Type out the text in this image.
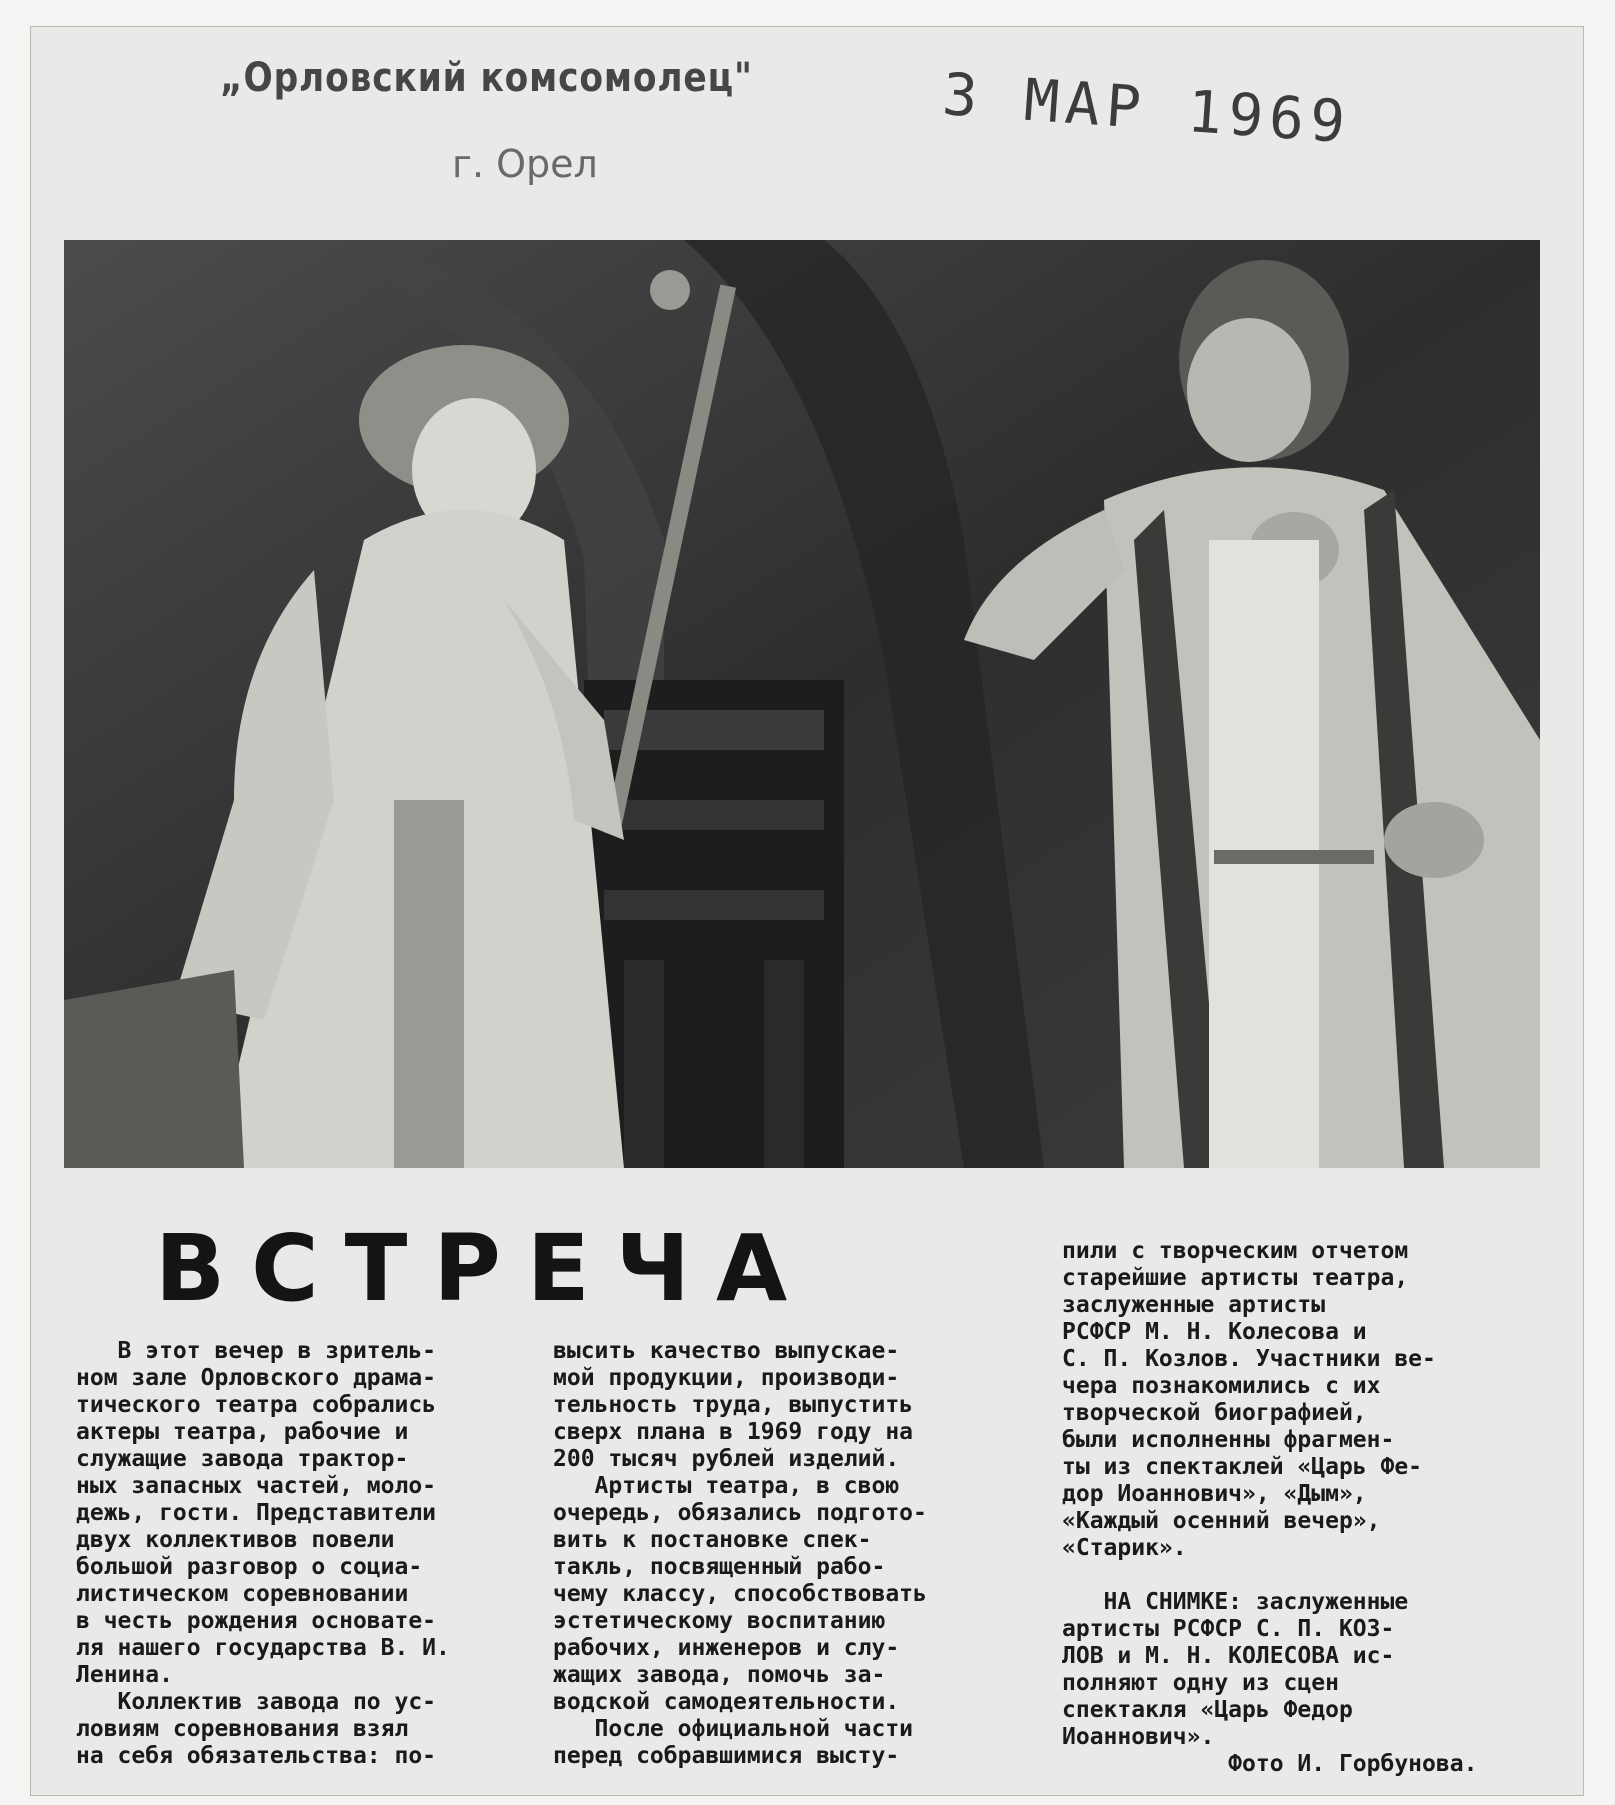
„Орловский комсомолец"
г. Орел
3 МАР 1969
ВСТРЕЧА
В этот вечер в зритель-
ном зале Орловского драма-
тического театра собрались
актеры театра, рабочие и
служащие завода трактор-
ных запасных частей, моло-
дежь, гости. Представители
двух коллективов повели
большой разговор о социа-
листическом соревновании
в честь рождения основате-
ля нашего государства В. И.
Ленина.
Коллектив завода по ус-
ловиям соревнования взял
на себя обязательства: по-
высить качество выпускае-
мой продукции, производи-
тельность труда, выпустить
сверх плана в 1969 году на
200 тысяч рублей изделий.
Артисты театра, в свою
очередь, обязались подгото-
вить к постановке спек-
такль, посвященный рабо-
чему классу, способствовать
эстетическому воспитанию
рабочих, инженеров и слу-
жащих завода, помочь за-
водской самодеятельности.
После официальной части
перед собравшимися высту-
пили с творческим отчетом
старейшие артисты театра,
заслуженные артисты
РСФСР М. Н. Колесова и
С. П. Козлов. Участники ве-
чера познакомились с их
творческой биографией,
были исполненны фрагмен-
ты из спектаклей «Царь Фе-
дор Иоаннович», «Дым»,
«Каждый осенний вечер»,
«Старик».
НА СНИМКЕ: заслуженные
артисты РСФСР С. П. КОЗ-
ЛОВ и М. Н. КОЛЕСОВА ис-
полняют одну из сцен
спектакля «Царь Федор
Иоаннович».
Фото И. Горбунова.
